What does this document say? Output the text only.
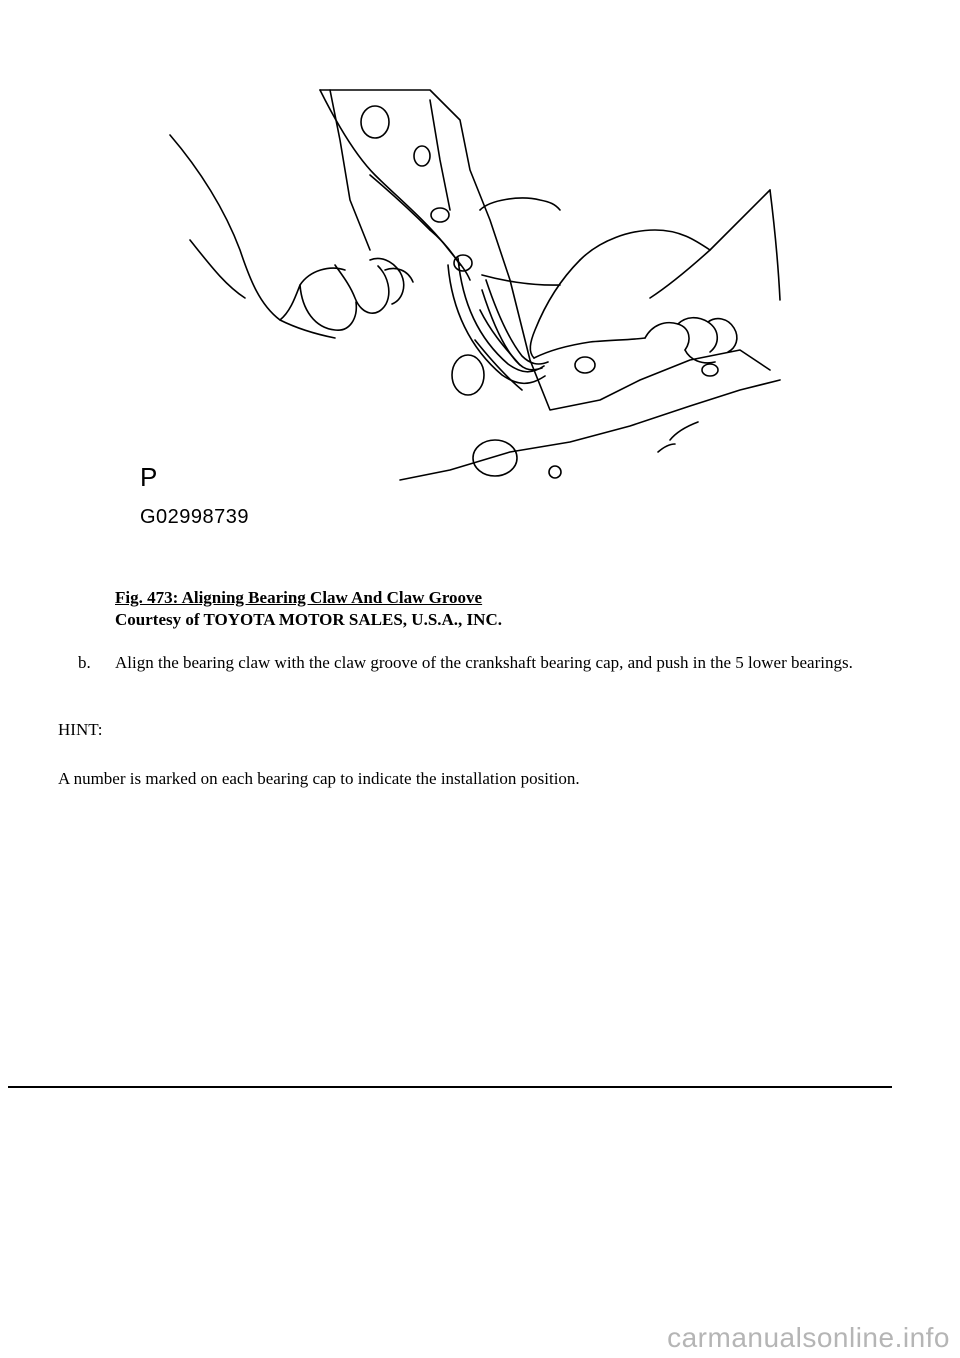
P
G02998739
Fig. 473: Aligning Bearing Claw And Claw Groove
Courtesy of TOYOTA MOTOR SALES, U.S.A., INC.
b. Align the bearing claw with the claw groove of the crankshaft bearing cap, and push in the 5 lower bearings.
HINT:
A number is marked on each bearing cap to indicate the installation position.
carmanualsonline.info
